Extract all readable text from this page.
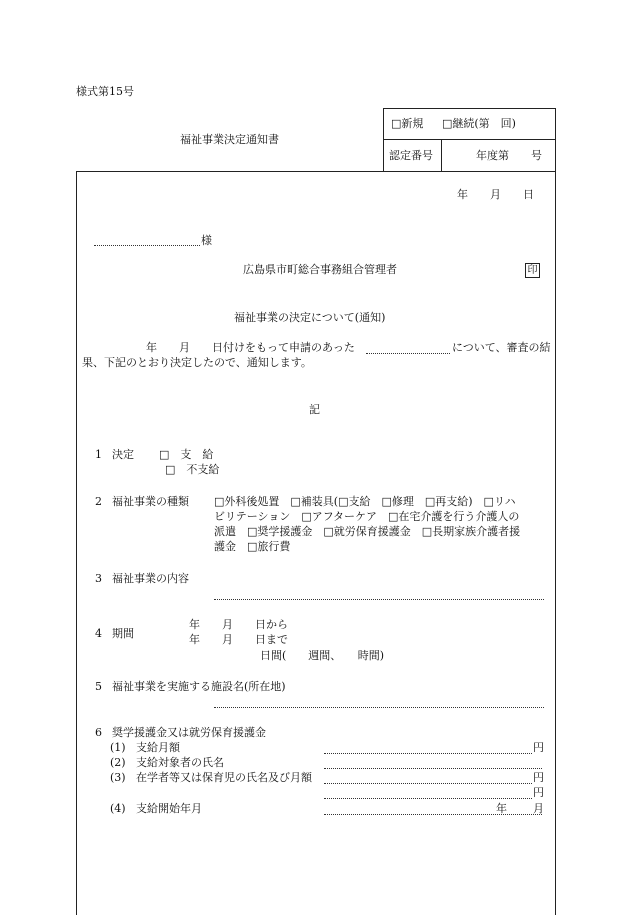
様式第15号
福祉事業決定通知書
□新規 □継続(第　回)
認定番号	年度第　　号
年　　月　　日
様
広島県市町総合事務組合管理者	印
福祉事業の決定について(通知)
年　　月　　日付けをもって申請のあった	について、審査の結
果、下記のとおり決定したので、通知します。
記
1 決定 □　支　給
□　不支給
2 福祉事業の種類 □外科後処置　□補装具(□支給　□修理　□再支給)　□リハ
ビリテーション　□アフターケア　□在宅介護を行う介護人の
派遣　□奨学援護金　□就労保育援護金　□長期家族介護者援
護金　□旅行費
3 福祉事業の内容
4 期間
年　　月　　日から
年　　月　　日まで
日間(　　週間、　　時間)
5 福祉事業を実施する施設名(所在地)
6 奨学援護金又は就労保育援護金
(1) 支給月額	円
(2) 支給対象者の氏名
(3) 在学者等又は保育児の氏名及び月額	円
円
(4) 支給開始年月	年 月
